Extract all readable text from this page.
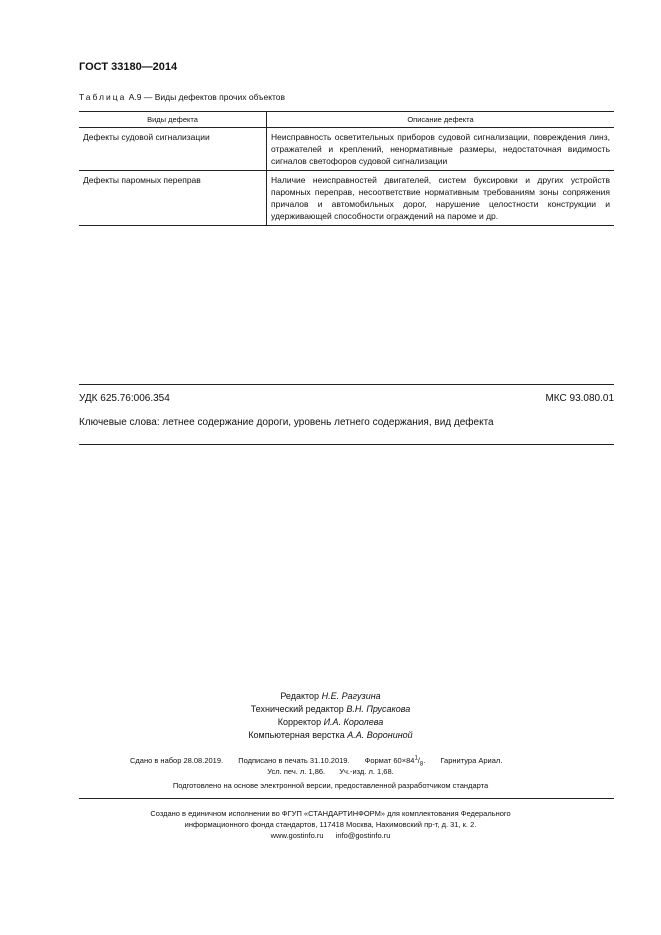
ГОСТ 33180—2014
Таблица А.9 — Виды дефектов прочих объектов
Виды дефекта	Описание дефекта
Дефекты судовой сигнализации	Неисправность осветительных приборов судовой сигнализации, повреждения линз, отражателей и креплений, ненормативные размеры, недостаточная видимость сигналов светофоров судовой сигнализации
Дефекты паромных переправ	Наличие неисправностей двигателей, систем буксировки и других устройств паромных переправ, несоответствие нормативным требованиям зоны сопряжения причалов и автомобильных дорог, нарушение целостности конструкции и удерживающей способности ограждений на пароме и др.
УДК 625.76:006.354	МКС 93.080.01
Ключевые слова: летнее содержание дороги, уровень летнего содержания, вид дефекта
Редактор Н.Е. Рагузина
Технический редактор В.Н. Прусакова
Корректор И.А. Королева
Компьютерная верстка А.А. Ворониной
Сдано в набор 28.08.2019. Подписано в печать 31.10.2019. Формат $60\times 84^1/_8$. Гарнитура Ариал.
Усл. печ. л. 1,86. Уч.-изд. л. 1,68.
Подготовлено на основе электронной версии, предоставленной разработчиком стандарта
Создано в единичном исполнении во ФГУП «СТАНДАРТИНФОРМ» для комплектования Федерального
информационного фонда стандартов, 117418 Москва, Нахимовский пр-т, д. 31, к. 2.
www.gostinfo.ru info@gostinfo.ru
